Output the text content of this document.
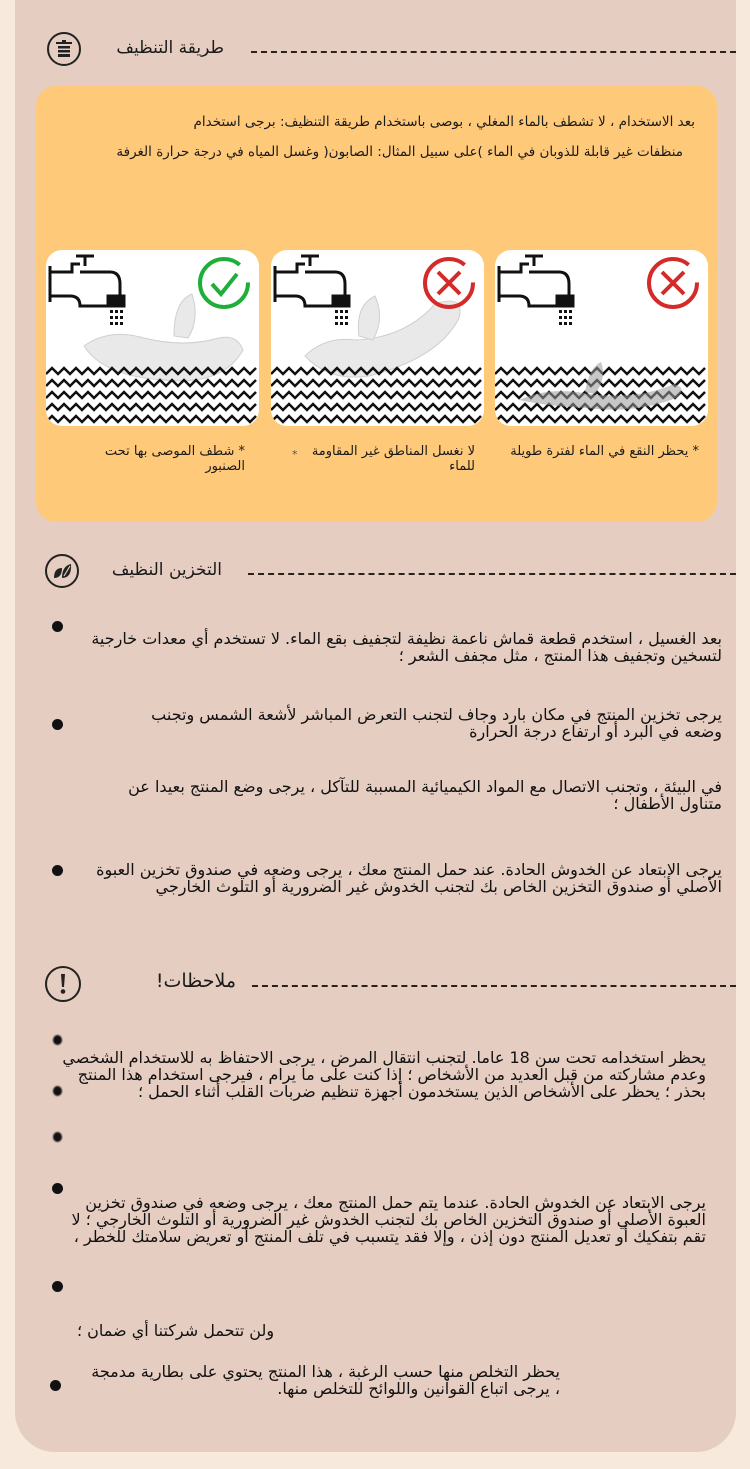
طريقة التنظيف
بعد الاستخدام ، لا تشطف بالماء المغلي ، بوصى باستخدام طريقة التنظيف: برجى استخدام
منظفات غير قابلة للذوبان في الماء )على سبيل المثال: الصابون( وغسل المياه في درجة حرارة الغرفة
* شطف الموصى بها تحت الصنبور
*	لا نغسل المناطق غير المقاومة للماء
* يحظر النقع في الماء لفترة طويلة
التخزين النظيف
بعد الغسيل ، استخدم قطعة قماش ناعمة نظيفة لتجفيف بقع الماء. لا تستخدم أي معدات خارجية لتسخين وتجفيف هذا المنتج ، مثل مجفف الشعر ؛
يرجى تخزين المنتج في مكان بارد وجاف لتجنب التعرض المباشر لأشعة الشمس وتجنب وضعه في البرد أو ارتفاع درجة الحرارة
في البيئة ، وتجنب الاتصال مع المواد الكيميائية المسببة للتآكل ، يرجى وضع المنتج بعيدا عن متناول الأطفال ؛
يرجى الابتعاد عن الخدوش الحادة. عند حمل المنتج معك ، يرجى وضعه في صندوق تخزين العبوة الأصلي أو صندوق التخزين الخاص بك لتجنب الخدوش غير الضرورية أو التلوث الخارجي
ملاحظات!
يحظر استخدامه تحت سن 18 عاما. لتجنب انتقال المرض ، يرجى الاحتفاظ به للاستخدام الشخصي وعدم مشاركته من قبل العديد من الأشخاص ؛ إذا كنت على ما يرام ، فيرجى استخدام هذا المنتج بحذر ؛ يحظر على الأشخاص الذين يستخدمون أجهزة تنظيم ضربات القلب أثناء الحمل ؛
يرجى الابتعاد عن الخدوش الحادة. عندما يتم حمل المنتج معك ، يرجى وضعه في صندوق تخزين العبوة الأصلي أو صندوق التخزين الخاص بك لتجنب الخدوش غير الضرورية أو التلوث الخارجي ؛ لا تقم بتفكيك أو تعديل المنتج دون إذن ، وإلا فقد يتسبب في تلف المنتج أو تعريض سلامتك للخطر ،
ولن تتحمل شركتنا أي ضمان ؛
يحظر التخلص منها حسب الرغبة ، هذا المنتج يحتوي على بطارية مدمجة ، يرجى اتباع القوانين واللوائح للتخلص منها.
